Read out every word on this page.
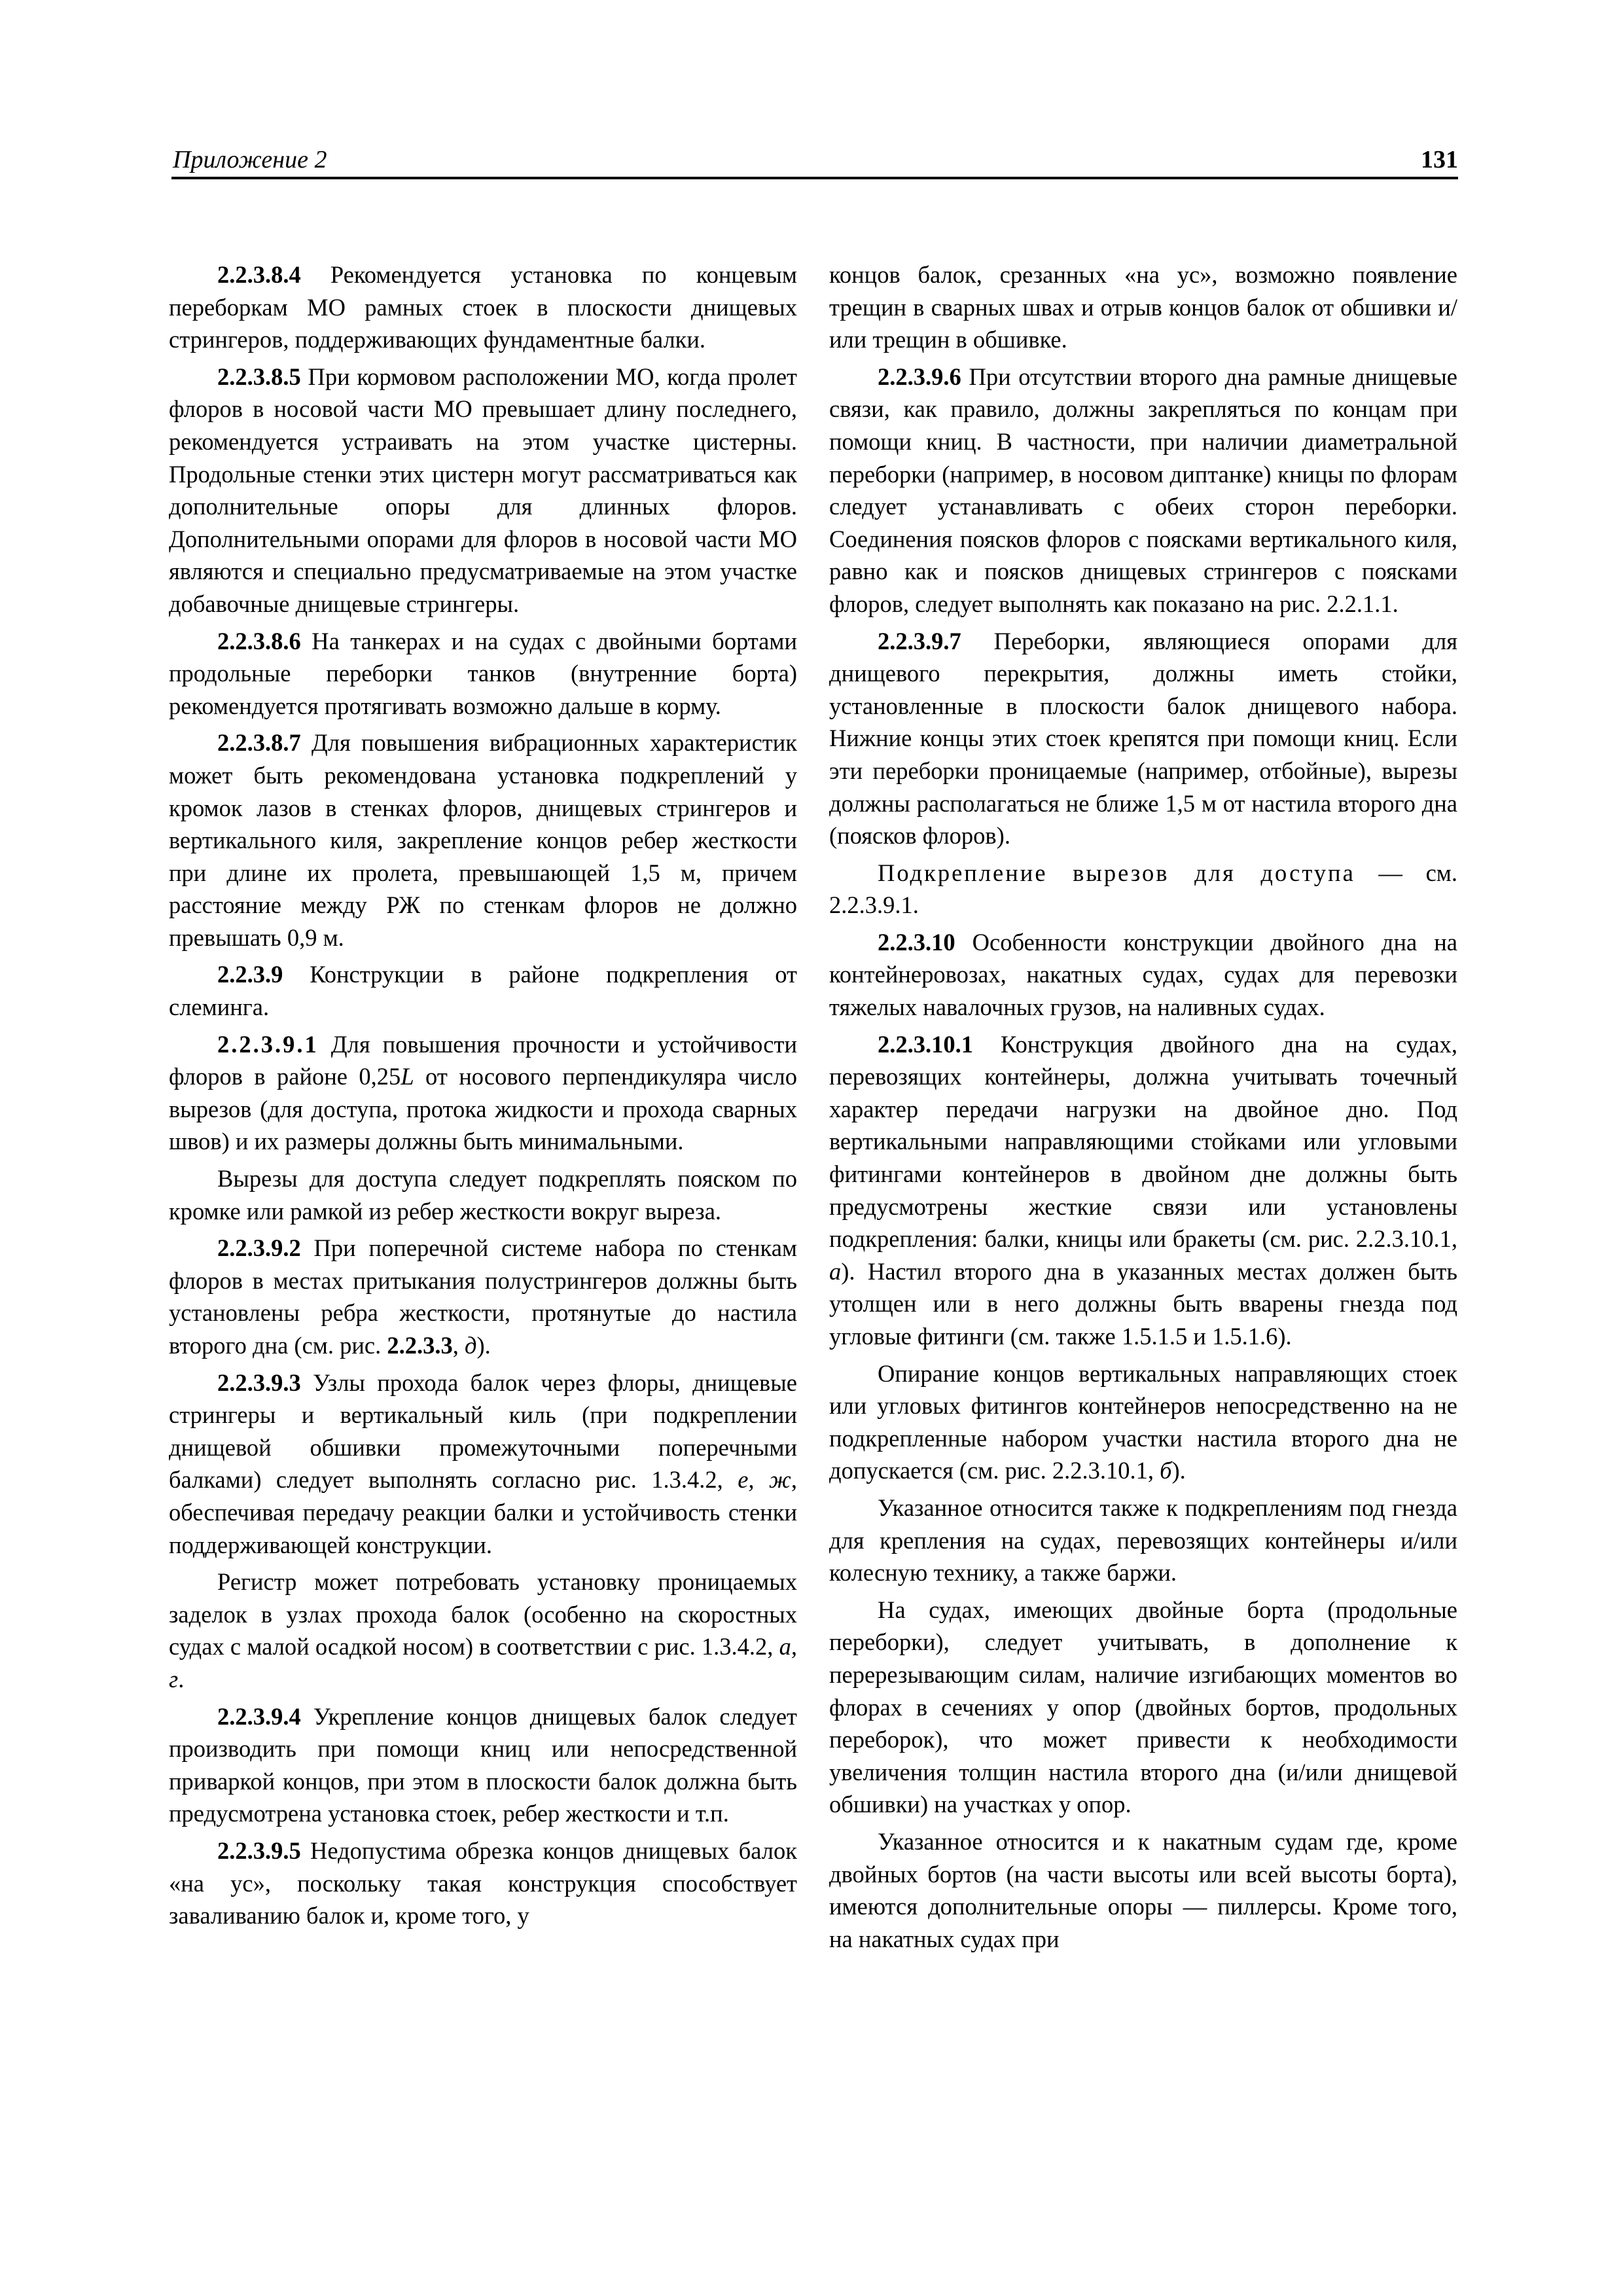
Приложение 2	131

2.2.3.8.4 Рекомендуется установка по концевым переборкам МО рамных стоек в плоскости днищевых стрингеров, поддерживающих фундаментные балки.

2.2.3.8.5 При кормовом расположении МО, когда пролет флоров в носовой части МО превышает длину последнего, рекомендуется устраивать на этом участке цистерны. Продольные стенки этих цистерн могут рассматриваться как дополнительные опоры для длинных флоров. Дополнительными опорами для флоров в носовой части МО являются и специально предусматриваемые на этом участке добавочные днищевые стрингеры.

2.2.3.8.6 На танкерах и на судах с двойными бортами продольные переборки танков (внутренние борта) рекомендуется протягивать возможно дальше в корму.

2.2.3.8.7 Для повышения вибрационных характеристик может быть рекомендована установка подкреплений у кромок лазов в стенках флоров, днищевых стрингеров и вертикального киля, закрепление концов ребер жесткости при длине их пролета, превышающей 1,5 м, причем расстояние между РЖ по стенкам флоров не должно превышать 0,9 м.

2.2.3.9 Конструкции в районе подкрепления от слеминга.

2.2.3.9.1 Для повышения прочности и устойчивости флоров в районе 0,25L от носового перпендикуляра число вырезов (для доступа, протока жидкости и прохода сварных швов) и их размеры должны быть минимальными.

Вырезы для доступа следует подкреплять пояском по кромке или рамкой из ребер жесткости вокруг выреза.

2.2.3.9.2 При поперечной системе набора по стенкам флоров в местах притыкания полустрингеров должны быть установлены ребра жесткости, протянутые до настила второго дна (см. рис. 2.2.3.3, д).

2.2.3.9.3 Узлы прохода балок через флоры, днищевые стрингеры и вертикальный киль (при подкреплении днищевой обшивки промежуточными поперечными балками) следует выполнять согласно рис. 1.3.4.2, е, ж, обеспечивая передачу реакции балки и устойчивость стенки поддерживающей конструкции.

Регистр может потребовать установку проницаемых заделок в узлах прохода балок (особенно на скоростных судах с малой осадкой носом) в соответствии с рис. 1.3.4.2, а, г.

2.2.3.9.4 Укрепление концов днищевых балок следует производить при помощи книц или непосредственной приваркой концов, при этом в плоскости балок должна быть предусмотрена установка стоек, ребер жесткости и т.п.

2.2.3.9.5 Недопустима обрезка концов днищевых балок «на ус», поскольку такая конструкция способствует заваливанию балок и, кроме того, у

концов балок, срезанных «на ус», возможно появление трещин в сварных швах и отрыв концов балок от обшивки и/или трещин в обшивке.

2.2.3.9.6 При отсутствии второго дна рамные днищевые связи, как правило, должны закрепляться по концам при помощи книц. В частности, при наличии диаметральной переборки (например, в носовом диптанке) кницы по флорам следует устанавливать с обеих сторон переборки. Соединения поясков флоров с поясками вертикального киля, равно как и поясков днищевых стрингеров с поясками флоров, следует выполнять как показано на рис. 2.2.1.1.

2.2.3.9.7 Переборки, являющиеся опорами для днищевого перекрытия, должны иметь стойки, установленные в плоскости балок днищевого набора. Нижние концы этих стоек крепятся при помощи книц. Если эти переборки проницаемые (например, отбойные), вырезы должны располагаться не ближе 1,5 м от настила второго дна (поясков флоров).

Подкрепление вырезов для доступа — см. 2.2.3.9.1.

2.2.3.10 Особенности конструкции двойного дна на контейнеровозах, накатных судах, судах для перевозки тяжелых навалочных грузов, на наливных судах.

2.2.3.10.1 Конструкция двойного дна на судах, перевозящих контейнеры, должна учитывать точечный характер передачи нагрузки на двойное дно. Под вертикальными направляющими стойками или угловыми фитингами контейнеров в двойном дне должны быть предусмотрены жесткие связи или установлены подкрепления: балки, кницы или бракеты (см. рис. 2.2.3.10.1, а). Настил второго дна в указанных местах должен быть утолщен или в него должны быть вварены гнезда под угловые фитинги (см. также 1.5.1.5 и 1.5.1.6).

Опирание концов вертикальных направляющих стоек или угловых фитингов контейнеров непосредственно на не подкрепленные набором участки настила второго дна не допускается (см. рис. 2.2.3.10.1, б).

Указанное относится также к подкреплениям под гнезда для крепления на судах, перевозящих контейнеры и/или колесную технику, а также баржи.

На судах, имеющих двойные борта (продольные переборки), следует учитывать, в дополнение к перерезывающим силам, наличие изгибающих моментов во флорах в сечениях у опор (двойных бортов, продольных переборок), что может привести к необходимости увеличения толщин настила второго дна (и/или днищевой обшивки) на участках у опор.

Указанное относится и к накатным судам где, кроме двойных бортов (на части высоты или всей высоты борта), имеются дополнительные опоры — пиллерсы. Кроме того, на накатных судах при
